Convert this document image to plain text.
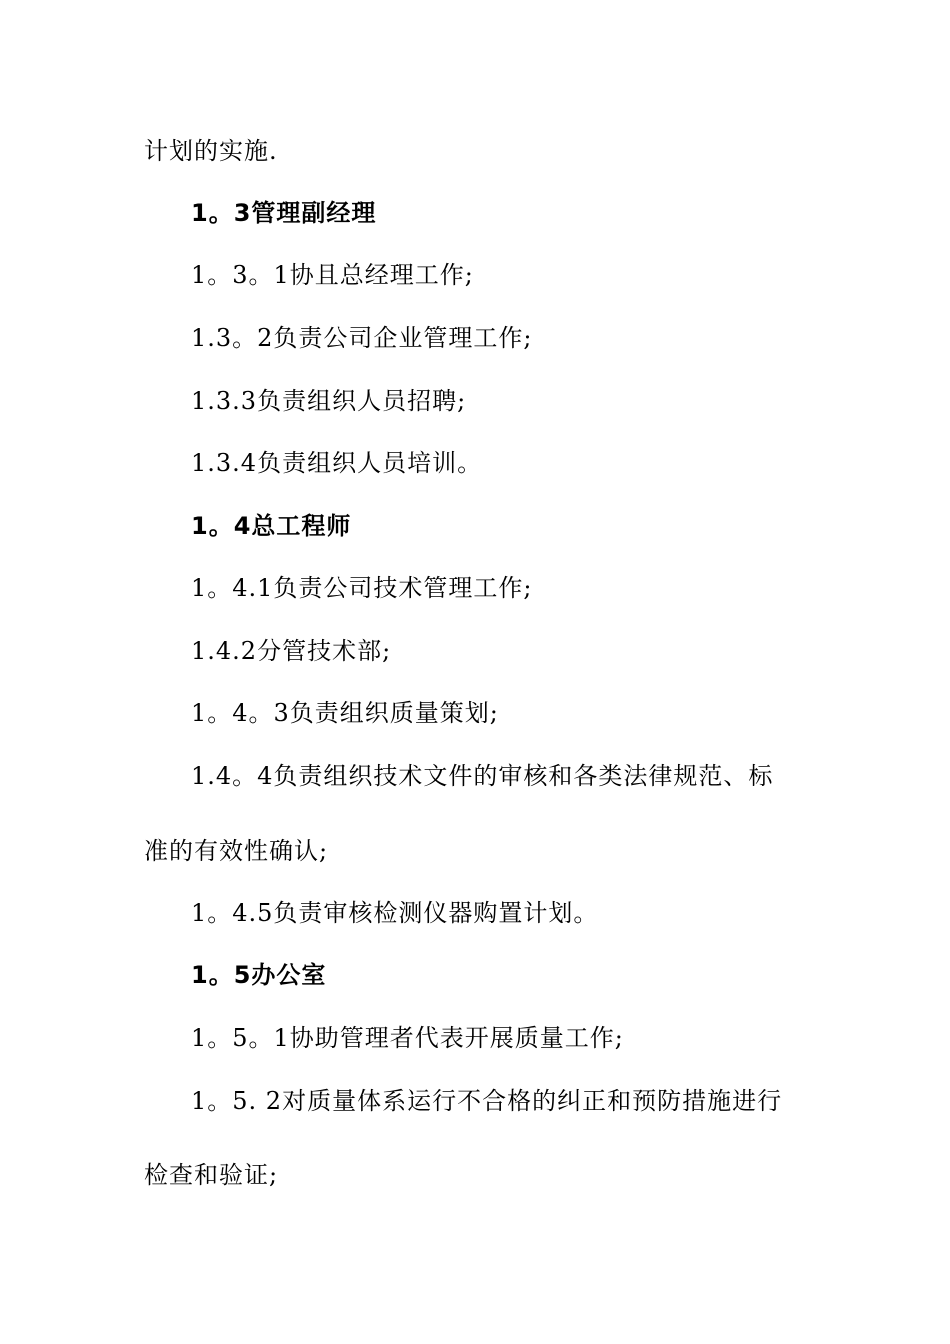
计划的实施.
1。3管理副经理
1。3。1协且总经理工作;
1.3。2负责公司企业管理工作;
1.3.3负责组织人员招聘;
1.3.4负责组织人员培训。
1。4总工程师
1。4.1负责公司技术管理工作;
1.4.2分管技术部;
1。4。3负责组织质量策划;
1.4。4负责组织技术文件的审核和各类法律规范、标
准的有效性确认;
1。4.5负责审核检测仪器购置计划。
1。5办公室
1。5。1协助管理者代表开展质量工作;
1。5. 2对质量体系运行不合格的纠正和预防措施进行
检查和验证;
